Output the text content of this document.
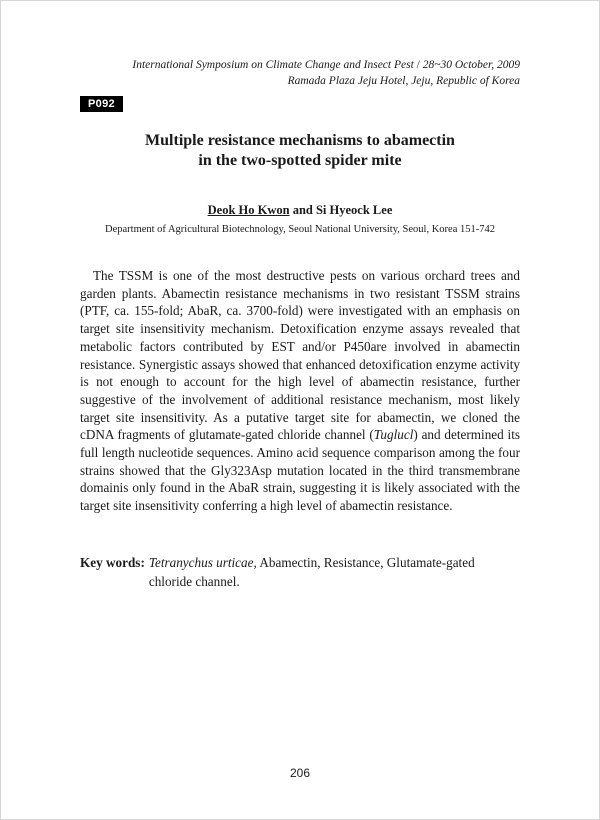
International Symposium on Climate Change and Insect Pest / 28~30 October, 2009
Ramada Plaza Jeju Hotel, Jeju, Republic of Korea
P092
Multiple resistance mechanisms to abamectin
in the two-spotted spider mite
Deok Ho Kwon and Si Hyeock Lee
Department of Agricultural Biotechnology, Seoul National University, Seoul, Korea 151-742
The TSSM is one of the most destructive pests on various orchard trees and garden plants. Abamectin resistance mechanisms in two resistant TSSM strains (PTF, ca. 155-fold; AbaR, ca. 3700-fold) were investigated with an emphasis on target site insensitivity mechanism. Detoxification enzyme assays revealed that metabolic factors contributed by EST and/or P450are involved in abamectin resistance. Synergistic assays showed that enhanced detoxification enzyme activity is not enough to account for the high level of abamectin resistance, further suggestive of the involvement of additional resistance mechanism, most likely target site insensitivity. As a putative target site for abamectin, we cloned the cDNA fragments of glutamate-gated chloride channel (Tuglucl) and determined its full length nucleotide sequences. Amino acid sequence comparison among the four strains showed that the Gly323Asp mutation located in the third transmembrane domainis only found in the AbaR strain, suggesting it is likely associated with the target site insensitivity conferring a high level of abamectin resistance.
Key words: Tetranychus urticae, Abamectin, Resistance, Glutamate-gated chloride channel.
206
